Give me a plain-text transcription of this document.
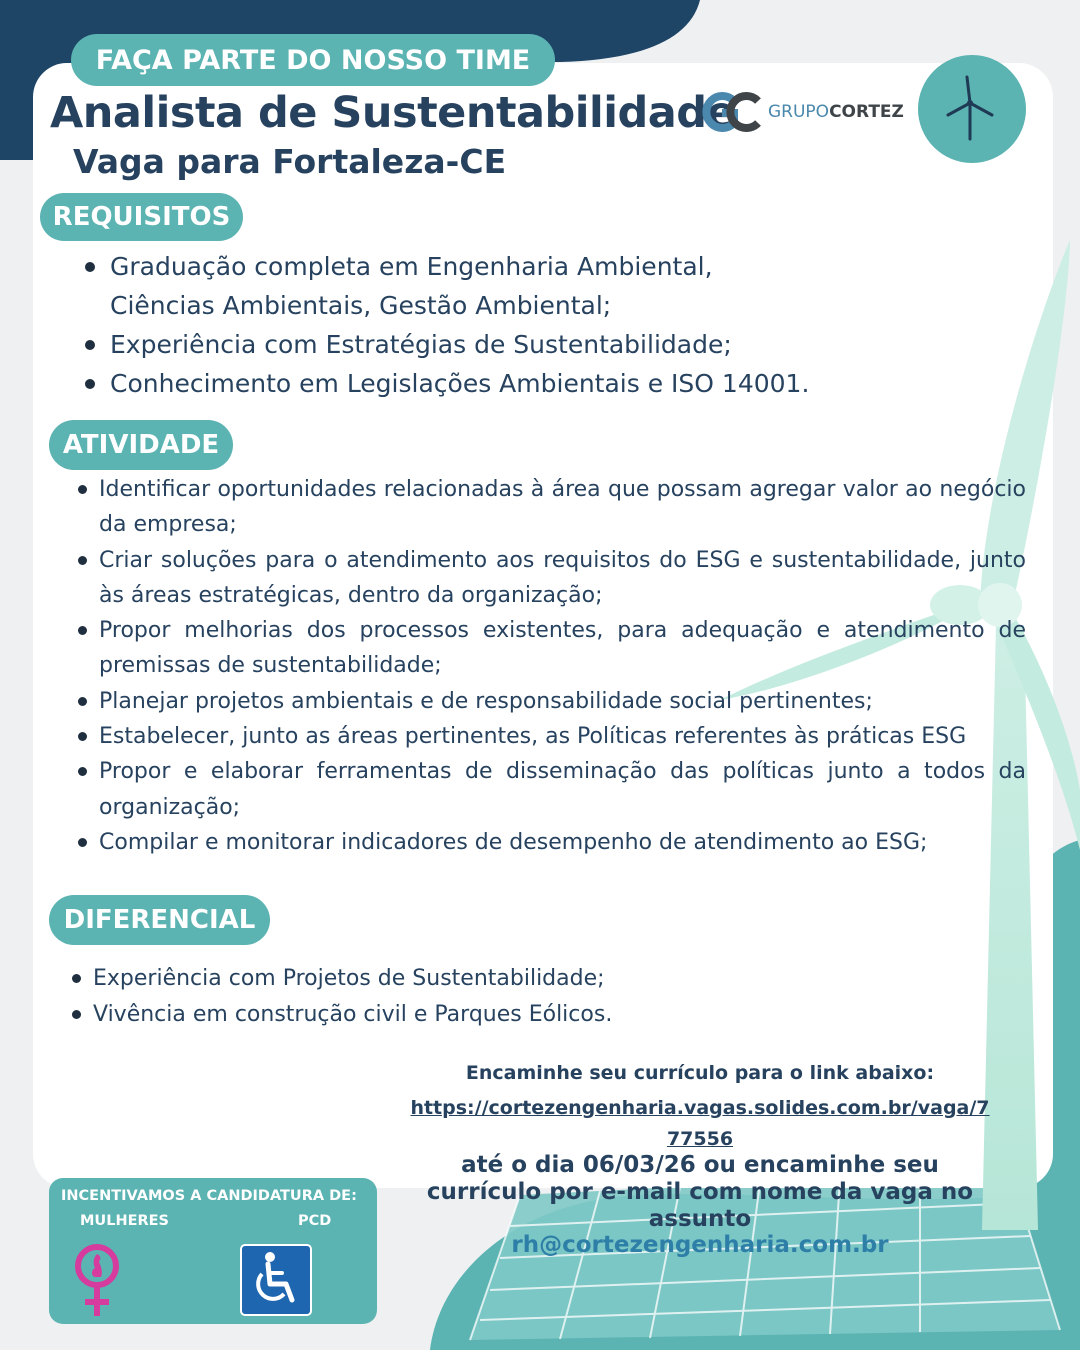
FAÇA PARTE DO NOSSO TIME
Analista de Sustentabilidade
Vaga para Fortaleza-CE
GRUPOCORTEZ
REQUISITOS
Graduação completa em Engenharia Ambiental, Ciências Ambientais, Gestão Ambiental;
Experiência com Estratégias de Sustentabilidade;
Conhecimento em Legislações Ambientais e ISO 14001.
ATIVIDADE
Identificar oportunidades relacionadas à área que possam agregar valor ao negócio da empresa;
Criar soluções para o atendimento aos requisitos do ESG e sustentabilidade, junto às áreas estratégicas, dentro da organização;
Propor melhorias dos processos existentes, para adequação e atendimento de premissas de sustentabilidade;
Planejar projetos ambientais e de responsabilidade social pertinentes;
Estabelecer, junto as áreas pertinentes, as Políticas referentes às práticas ESG
Propor e elaborar ferramentas de disseminação das políticas junto a todos da organização;
Compilar e monitorar indicadores de desempenho de atendimento ao ESG;
DIFERENCIAL
Experiência com Projetos de Sustentabilidade;
Vivência em construção civil e Parques Eólicos.
Encaminhe seu currículo para o link abaixo:
https://cortezengenharia.vagas.solides.com.br/vaga/777556
até o dia 06/03/26 ou encaminhe seu currículo por e-mail com nome da vaga no assunto
rh@cortezengenharia.com.br
INCENTIVAMOS A CANDIDATURA DE:
MULHERES	PCD
